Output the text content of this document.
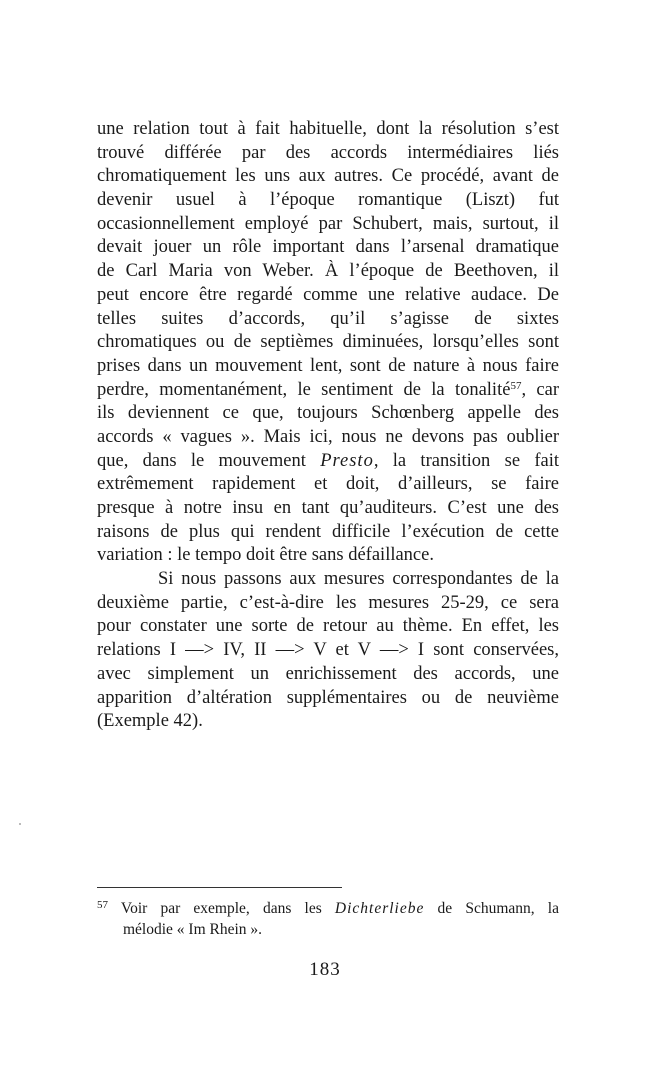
une relation tout à fait habituelle, dont la résolution s’est
trouvé différée par des accords intermédiaires liés
chromatiquement les uns aux autres. Ce procédé, avant de
devenir usuel à l’époque romantique (Liszt) fut
occasionnellement employé par Schubert, mais, surtout, il
devait jouer un rôle important dans l’arsenal dramatique
de Carl Maria von Weber. À l’époque de Beethoven, il
peut encore être regardé comme une relative audace. De
telles suites d’accords, qu’il s’agisse de sixtes
chromatiques ou de septièmes diminuées, lorsqu’elles sont
prises dans un mouvement lent, sont de nature à nous faire
perdre, momentanément, le sentiment de la tonalité$^{57}$, car
ils deviennent ce que, toujours Schœnberg appelle des
accords « vagues ». Mais ici, nous ne devons pas oublier
que, dans le mouvement Presto, la transition se fait
extrêmement rapidement et doit, d’ailleurs, se faire
presque à notre insu en tant qu’auditeurs. C’est une des
raisons de plus qui rendent difficile l’exécution de cette
variation : le tempo doit être sans défaillance.
Si nous passons aux mesures correspondantes de la
deuxième partie, c’est-à-dire les mesures 25-29, ce sera
pour constater une sorte de retour au thème. En effet, les
relations I —> IV, II —> V et V —> I sont conservées,
avec simplement un enrichissement des accords, une
apparition d’altération supplémentaires ou de neuvième
(Exemple 42).
$^{57}$ Voir par exemple, dans les Dichterliebe de Schumann, la
mélodie « Im Rhein ».
183
